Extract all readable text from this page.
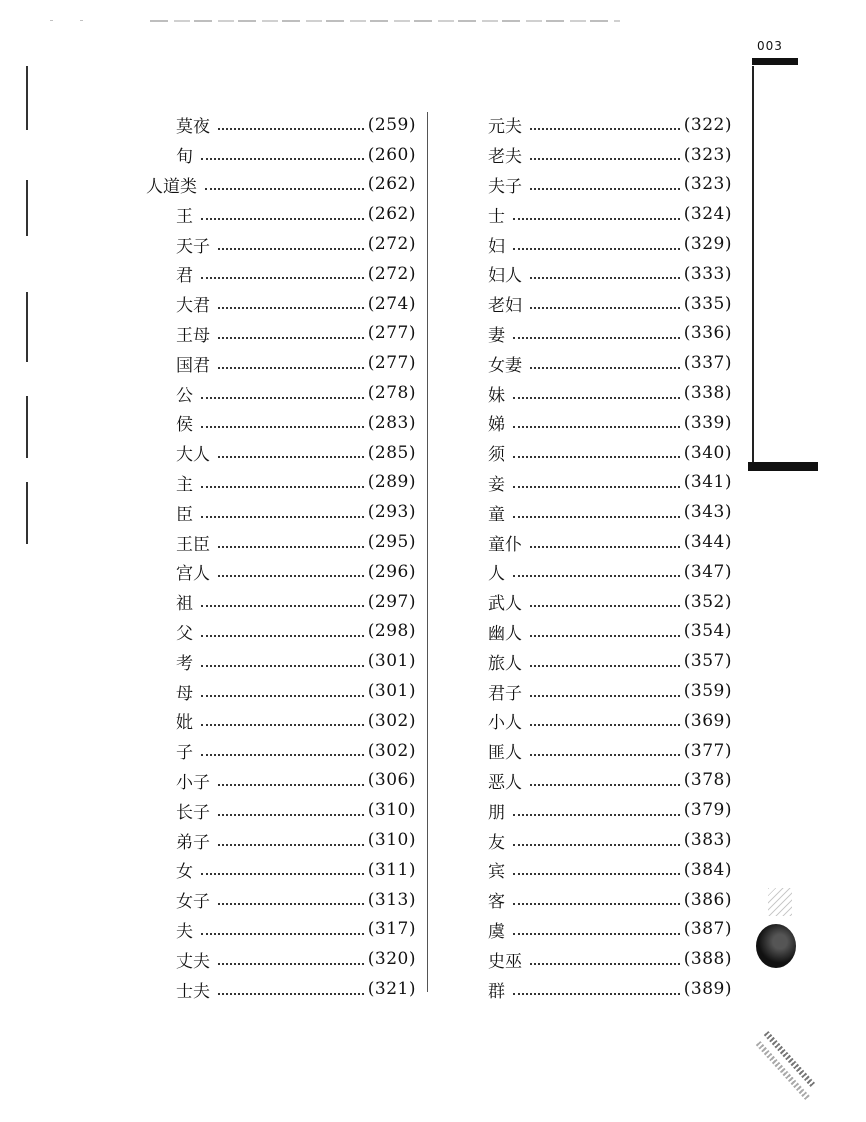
003
莫夜	(259)
旬	(260)
人道类	(262)
王	(262)
天子	(272)
君	(272)
大君	(274)
王母	(277)
国君	(277)
公	(278)
侯	(283)
大人	(285)
主	(289)
臣	(293)
王臣	(295)
宫人	(296)
祖	(297)
父	(298)
考	(301)
母	(301)
妣	(302)
子	(302)
小子	(306)
长子	(310)
弟子	(310)
女	(311)
女子	(313)
夫	(317)
丈夫	(320)
士夫	(321)
元夫	(322)
老夫	(323)
夫子	(323)
士	(324)
妇	(329)
妇人	(333)
老妇	(335)
妻	(336)
女妻	(337)
妹	(338)
娣	(339)
须	(340)
妾	(341)
童	(343)
童仆	(344)
人	(347)
武人	(352)
幽人	(354)
旅人	(357)
君子	(359)
小人	(369)
匪人	(377)
恶人	(378)
朋	(379)
友	(383)
宾	(384)
客	(386)
虞	(387)
史巫	(388)
群	(389)
